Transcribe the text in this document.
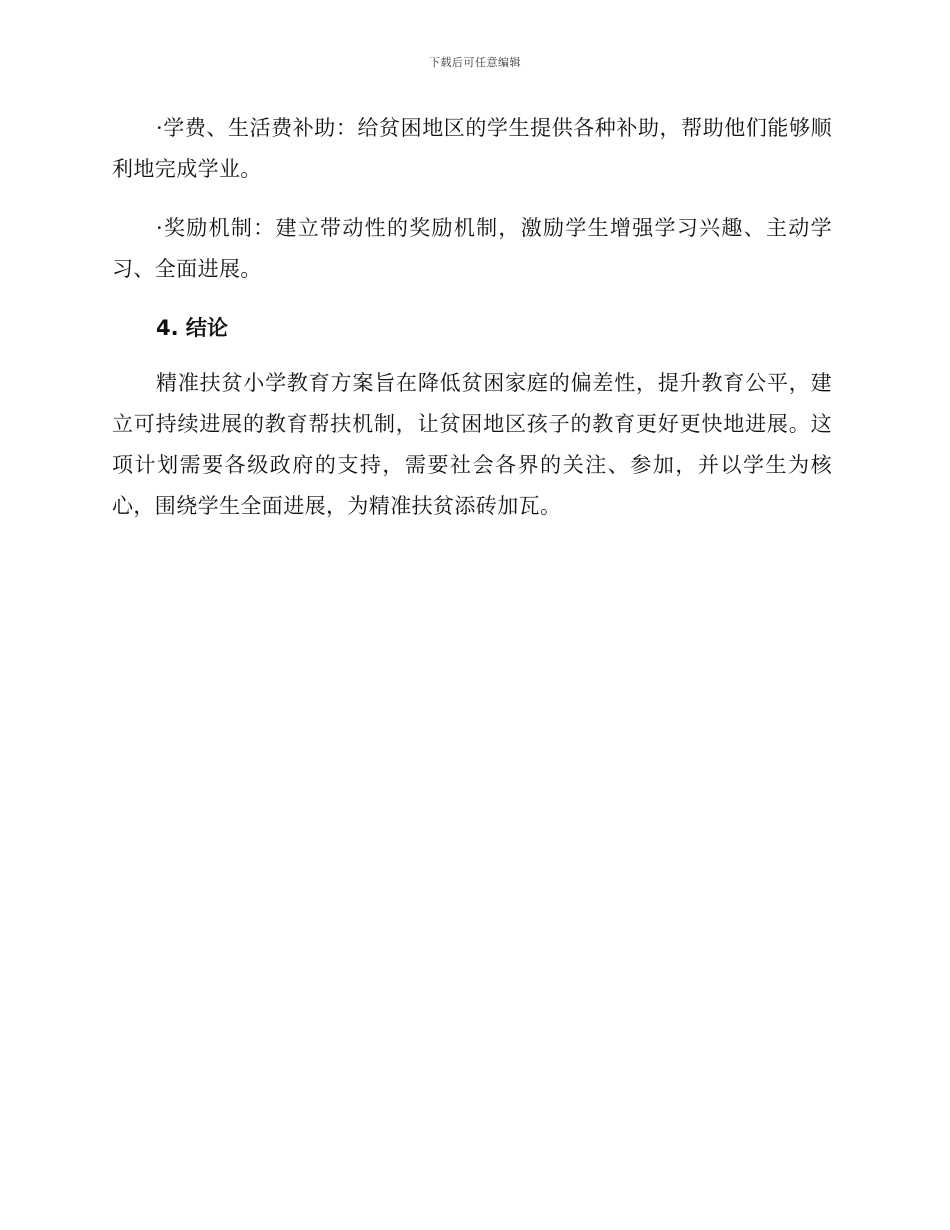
下载后可任意编辑

·学费、生活费补助：给贫困地区的学生提供各种补助，帮助他们能够顺利地完成学业。

·奖励机制：建立带动性的奖励机制，激励学生增强学习兴趣、主动学习、全面进展。

4. 结论

精准扶贫小学教育方案旨在降低贫困家庭的偏差性，提升教育公平，建立可持续进展的教育帮扶机制，让贫困地区孩子的教育更好更快地进展。这项计划需要各级政府的支持，需要社会各界的关注、参加，并以学生为核心，围绕学生全面进展，为精准扶贫添砖加瓦。
